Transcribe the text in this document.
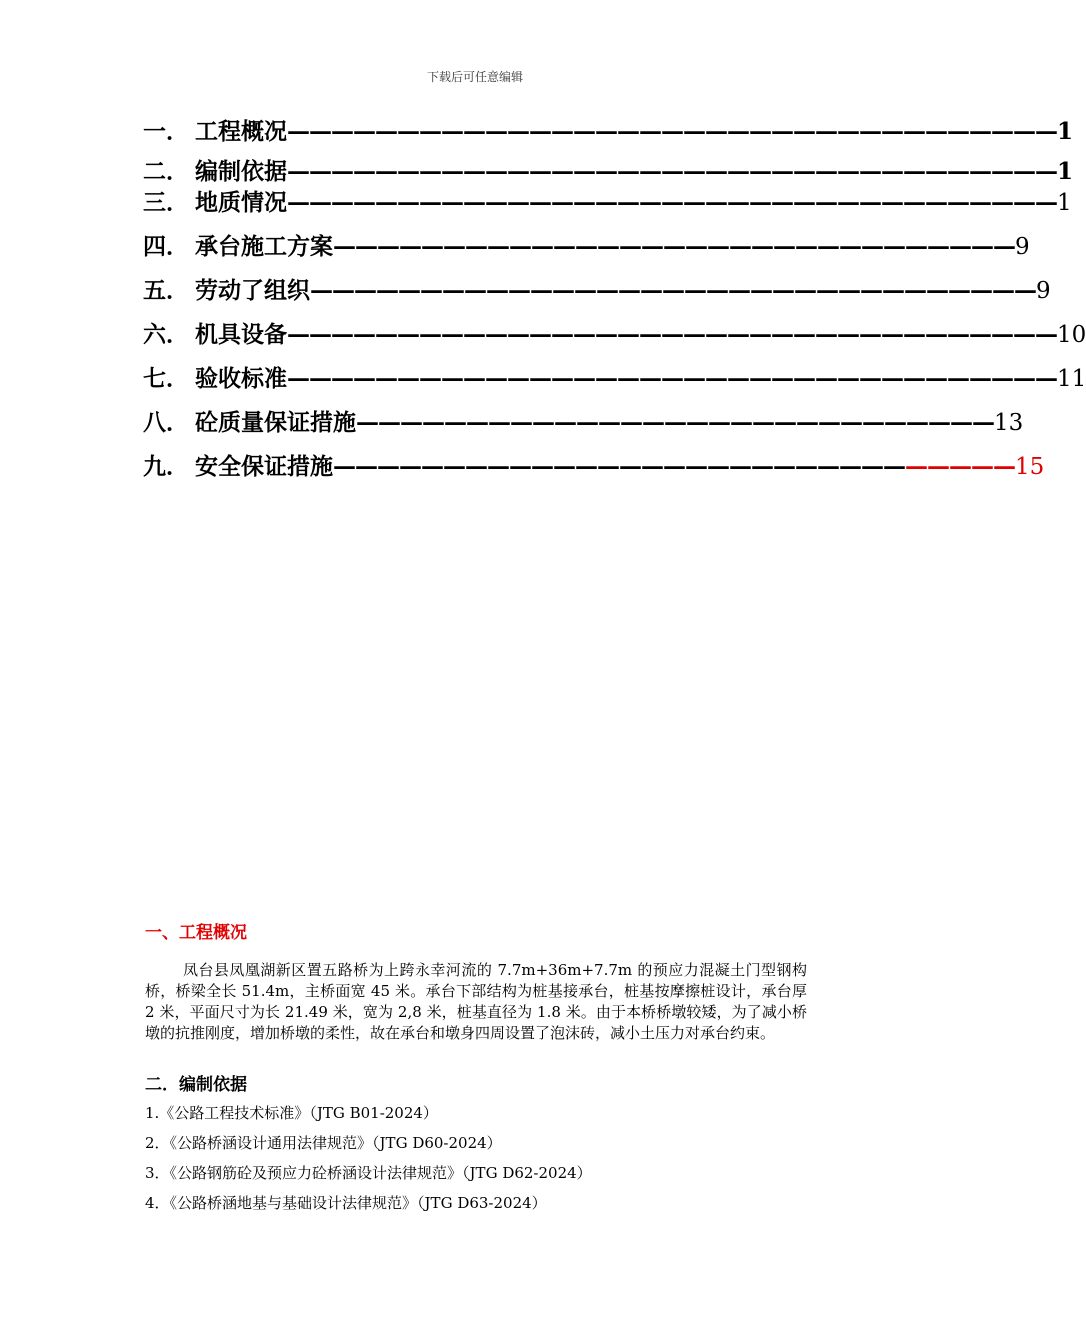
下载后可任意编辑
一． 工程概况———————————————————————————————————1
二． 编制依据———————————————————————————————————1
三． 地质情况———————————————————————————————————1
四． 承台施工方案———————————————————————————————9
五． 劳动了组织—————————————————————————————————9
六． 机具设备———————————————————————————————————10
七． 验收标准———————————————————————————————————11
八． 砼质量保证措施—————————————————————————————13
九． 安全保证措施———————————————————————————————15
一、工程概况
凤台县凤凰湖新区置五路桥为上跨永幸河流的 7.7m+36m+7.7m 的预应力混凝土门型钢构桥，桥梁全长 51.4m，主桥面宽 45 米。承台下部结构为桩基接承台，桩基按摩擦桩设计，承台厚 2 米，平面尺寸为长 21.49 米，宽为 2,8 米，桩基直径为 1.8 米。由于本桥桥墩较矮，为了减小桥墩的抗推刚度，增加桥墩的柔性，故在承台和墩身四周设置了泡沫砖，减小土压力对承台约束。
二．编制依据
1.《公路工程技术标准》（JTG B01-2024）
2．《公路桥涵设计通用法律规范》（JTG D60-2024）
3．《公路钢筋砼及预应力砼桥涵设计法律规范》（JTG D62-2024）
4．《公路桥涵地基与基础设计法律规范》（JTG D63-2024）
